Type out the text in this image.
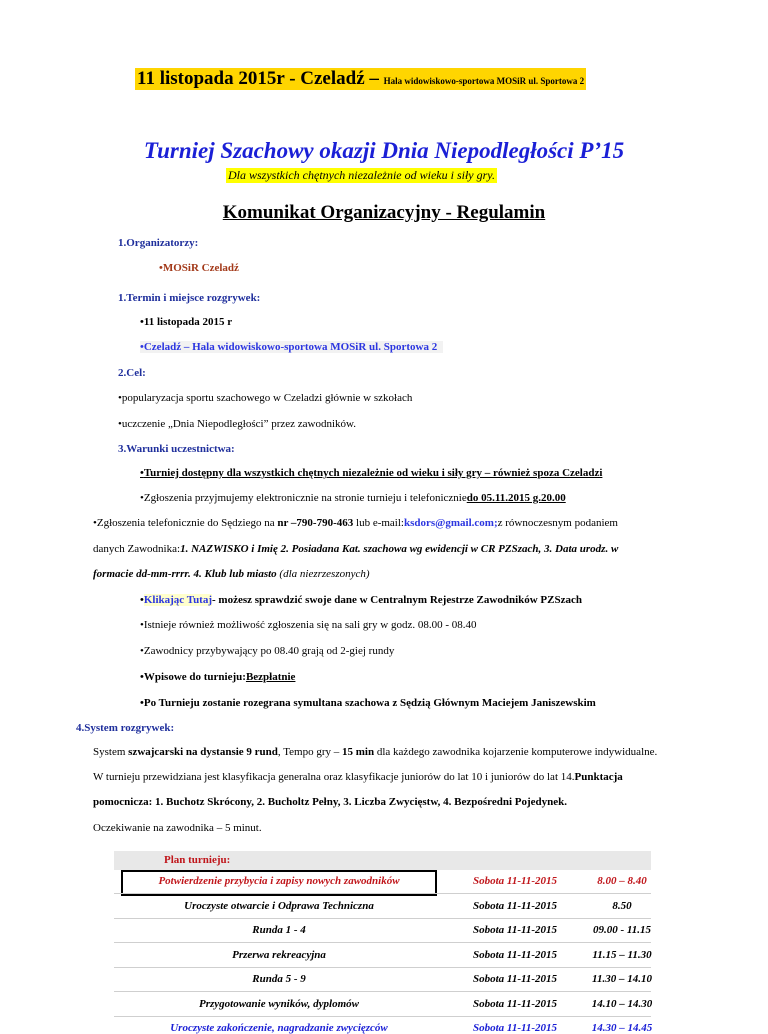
11 listopada 2015r - Czeladź – Hala widowiskowo-sportowa MOSiR ul. Sportowa 2
Turniej Szachowy okazji Dnia Niepodległości P’15
Dla wszystkich chętnych niezależnie od wieku i siły gry.
Komunikat Organizacyjny - Regulamin
1.Organizatorzy:
•MOSiR Czeladź
1.Termin i miejsce rozgrywek:
•11 listopada 2015 r
•Czeladź – Hala widowiskowo-sportowa MOSiR ul. Sportowa 2
2.Cel:
•popularyzacja sportu szachowego w Czeladzi głównie w szkołach
•uczczenie „Dnia Niepodległości” przez zawodników.
3.Warunki uczestnictwa:
•Turniej dostępny dla wszystkich chętnych niezależnie od wieku i siły gry – również spoza Czeladzi
•Zgłoszenia przyjmujemy elektronicznie na stronie turnieju i telefoniczniedo 05.11.2015 g.20.00
•Zgłoszenia telefonicznie do Sędziego na nr –790-790-463 lub e-mail:ksdors@gmail.com;z równoczesnym podaniem
danych Zawodnika:1. NAZWISKO i Imię 2. Posiadana Kat. szachowa wg ewidencji w CR PZSzach, 3. Data urodz. w
formacie dd-mm-rrrr. 4. Klub lub miasto (dla niezrzeszonych)
•Klikając Tutaj- możesz sprawdzić swoje dane w Centralnym Rejestrze Zawodników PZSzach
•Istnieje również możliwość zgłoszenia się na sali gry w godz. 08.00 - 08.40
•Zawodnicy przybywający po 08.40 grają od 2-giej rundy
•Wpisowe do turnieju:Bezpłatnie
Plan turnieju:
Potwierdzenie przybycia i zapisy nowych zawodników	Sobota 11-11-2015	8.00 – 8.40
Uroczyste otwarcie i Odprawa Techniczna	Sobota 11-11-2015	8.50
Runda 1 - 4	Sobota 11-11-2015	09.00 - 11.15
Przerwa rekreacyjna	Sobota 11-11-2015	11.15 – 11.30
Runda 5 - 9	Sobota 11-11-2015	11.30 – 14.10
Przygotowanie wyników, dyplomów	Sobota 11-11-2015	14.10 – 14.30
Uroczyste zakończenie, nagradzanie zwycięzców	Sobota 11-11-2015	14.30 – 14.45
•Po Turnieju zostanie rozegrana symultana szachowa z Sędzią Głównym Maciejem Janiszewskim
4.System rozgrywek:
System szwajcarski na dystansie 9 rund, Tempo gry – 15 min dla każdego zawodnika kojarzenie komputerowe indywidualne.
W turnieju przewidziana jest klasyfikacja generalna oraz klasyfikacje juniorów do lat 10 i juniorów do lat 14.Punktacja
pomocnicza: 1. Buchotz Skrócony, 2. Bucholtz Pełny, 3. Liczba Zwycięstw, 4. Bezpośredni Pojedynek.
Oczekiwanie na zawodnika – 5 minut.
